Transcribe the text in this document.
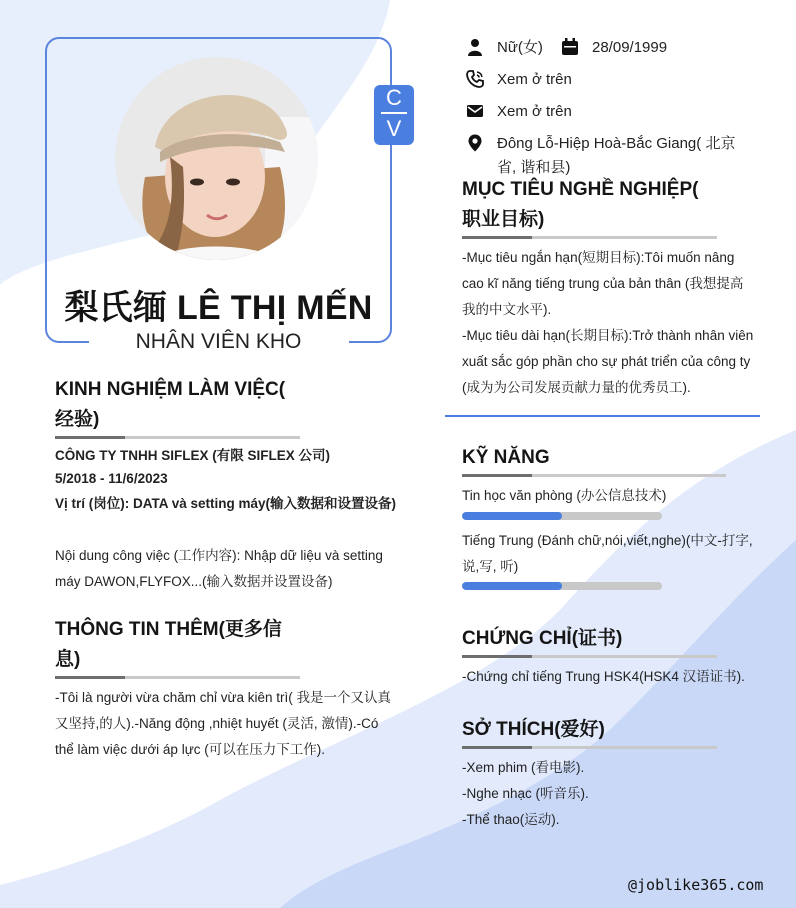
C
V
梨氏缅 LÊ THỊ MẾN
NHÂN VIÊN KHO
Nữ(女)	28/09/1999
Xem ở trên
Xem ở trên
Đông Lỗ-Hiệp Hoà-Bắc Giang( 北京省, 谐和县)
MỤC TIÊU NGHỀ NGHIỆP( 职业目标)
-Mục tiêu ngắn hạn(短期目标):Tôi muốn nâng cao kĩ năng tiếng trung của bản thân (我想提高我的中文水平).
-Mục tiêu dài hạn(长期目标):Trở thành nhân viên xuất sắc góp phần cho sự phát triển của công ty (成为为公司发展贡献力量的优秀员工).
KỸ NĂNG
Tin học văn phòng (办公信息技术)
Tiếng Trung (Đánh chữ,nói,viết,nghe)(中文-打字,说,写, 听)
CHỨNG CHỈ(证书)
-Chứng chỉ tiếng Trung HSK4(HSK4 汉语证书).
SỞ THÍCH(爱好)
-Xem phim (看电影).
-Nghe nhạc (听音乐).
-Thể thao(运动).
KINH NGHIỆM LÀM VIỆC( 经验)
CÔNG TY TNHH SIFLEX (有限 SIFLEX 公司)
5/2018 - 11/6/2023
Vị trí (岗位): DATA và setting máy(输入数据和设置设备)
Nội dung công việc (工作内容): Nhập dữ liệu và setting máy DAWON,FLYFOX...(输入数据并设置设备)
THÔNG TIN THÊM(更多信息)
-Tôi là người vừa chăm chỉ vừa kiên trì( 我是一个又认真又坚持,的人).-Năng động ,nhiệt huyết (灵活, 激情).-Có thể làm việc dưới áp lực (可以在压力下工作).
@joblike365.com
